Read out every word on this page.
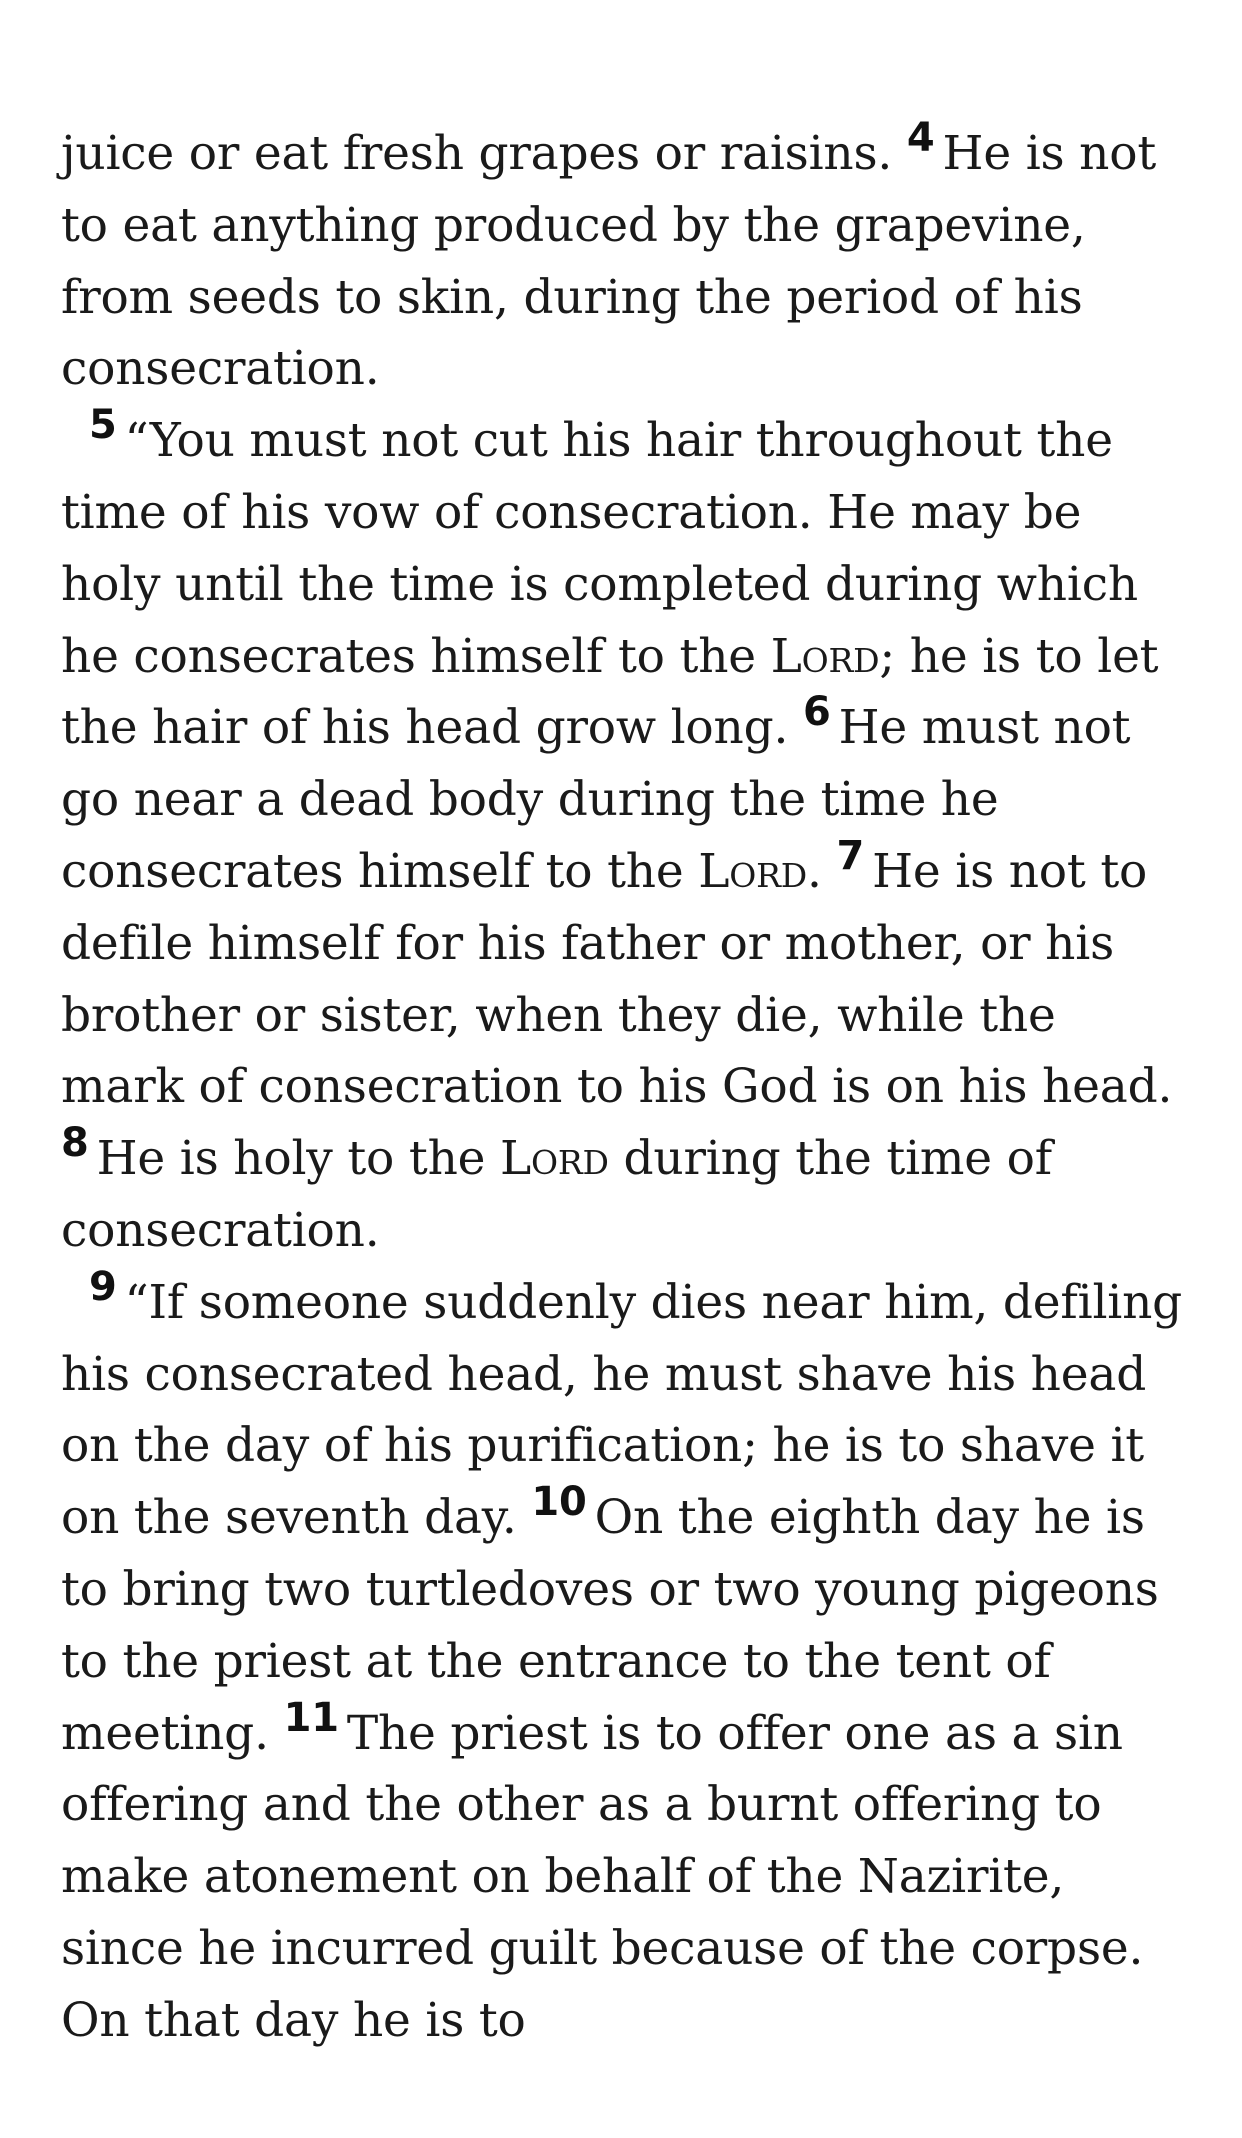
juice or eat fresh grapes or raisins. 4 He is not to eat anything produced by the grapevine, from seeds to skin, during the period of his consecration.

5 “You must not cut his hair throughout the time of his vow of consecration. He may be holy until the time is completed during which he consecrates himself to the Lord; he is to let the hair of his head grow long. 6 He must not go near a dead body during the time he consecrates himself to the Lord. 7 He is not to defile himself for his father or mother, or his brother or sister, when they die, while the mark of consecration to his God is on his head. 8 He is holy to the Lord during the time of consecration.

9 “If someone suddenly dies near him, defiling his consecrated head, he must shave his head on the day of his purification; he is to shave it on the seventh day. 10 On the eighth day he is to bring two turtledoves or two young pigeons to the priest at the entrance to the tent of meeting. 11 The priest is to offer one as a sin offering and the other as a burnt offering to make atonement on behalf of the Nazirite, since he incurred guilt because of the corpse. On that day he is to
